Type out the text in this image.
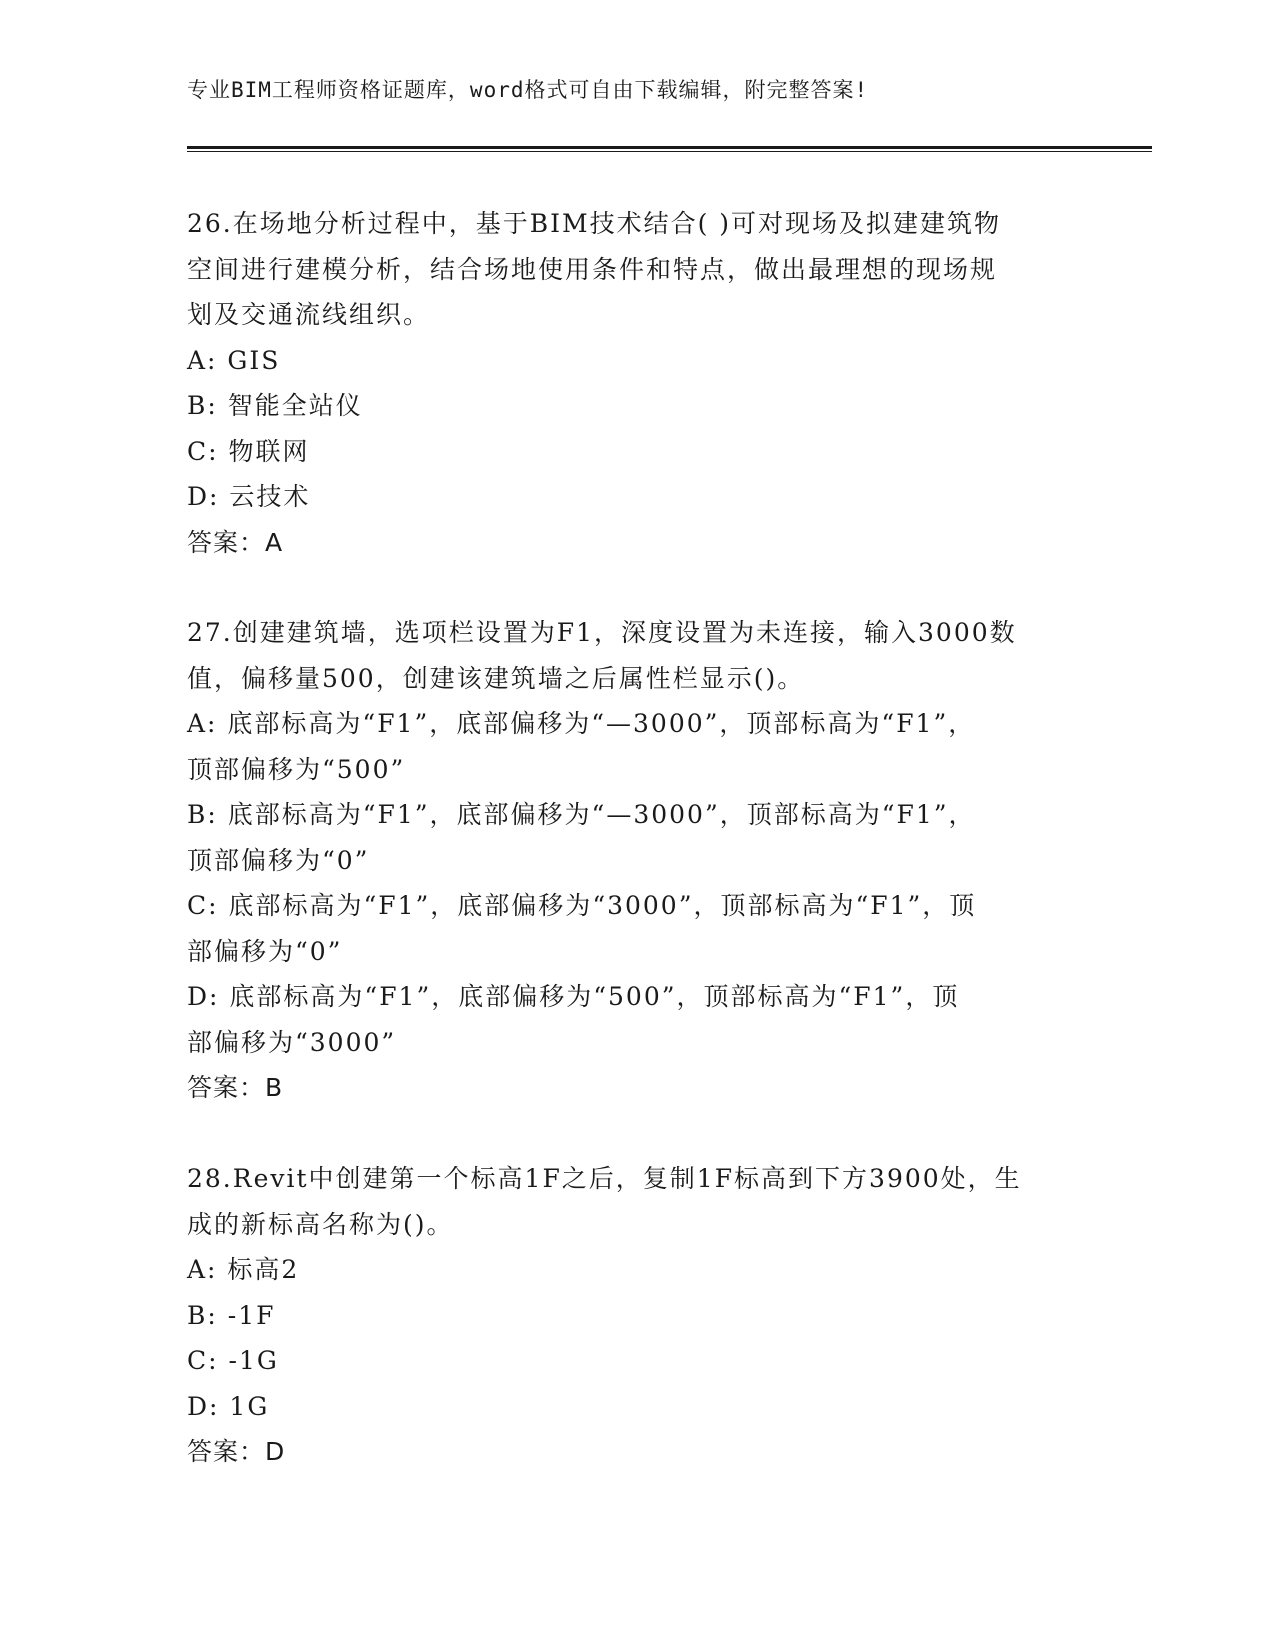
专业BIM工程师资格证题库，word格式可自由下载编辑，附完整答案!
26.在场地分析过程中，基于BIM技术结合( )可对现场及拟建建筑物
空间进行建模分析，结合场地使用条件和特点，做出最理想的现场规
划及交通流线组织。
A: GIS
B: 智能全站仪
C: 物联网
D: 云技术
答案：A
27.创建建筑墙，选项栏设置为F1，深度设置为未连接，输入3000数
值，偏移量500，创建该建筑墙之后属性栏显示()。
A: 底部标高为“F1”，底部偏移为“—3000”，顶部标高为“F1”，
顶部偏移为“500”
B: 底部标高为“F1”，底部偏移为“—3000”，顶部标高为“F1”，
顶部偏移为“0”
C: 底部标高为“F1”，底部偏移为“3000”，顶部标高为“F1”，顶
部偏移为“0”
D: 底部标高为“F1”，底部偏移为“500”，顶部标高为“F1”，顶
部偏移为“3000”
答案：B
28.Revit中创建第一个标高1F之后，复制1F标高到下方3900处，生
成的新标高名称为()。
A: 标高2
B: -1F
C: -1G
D: 1G
答案：D
